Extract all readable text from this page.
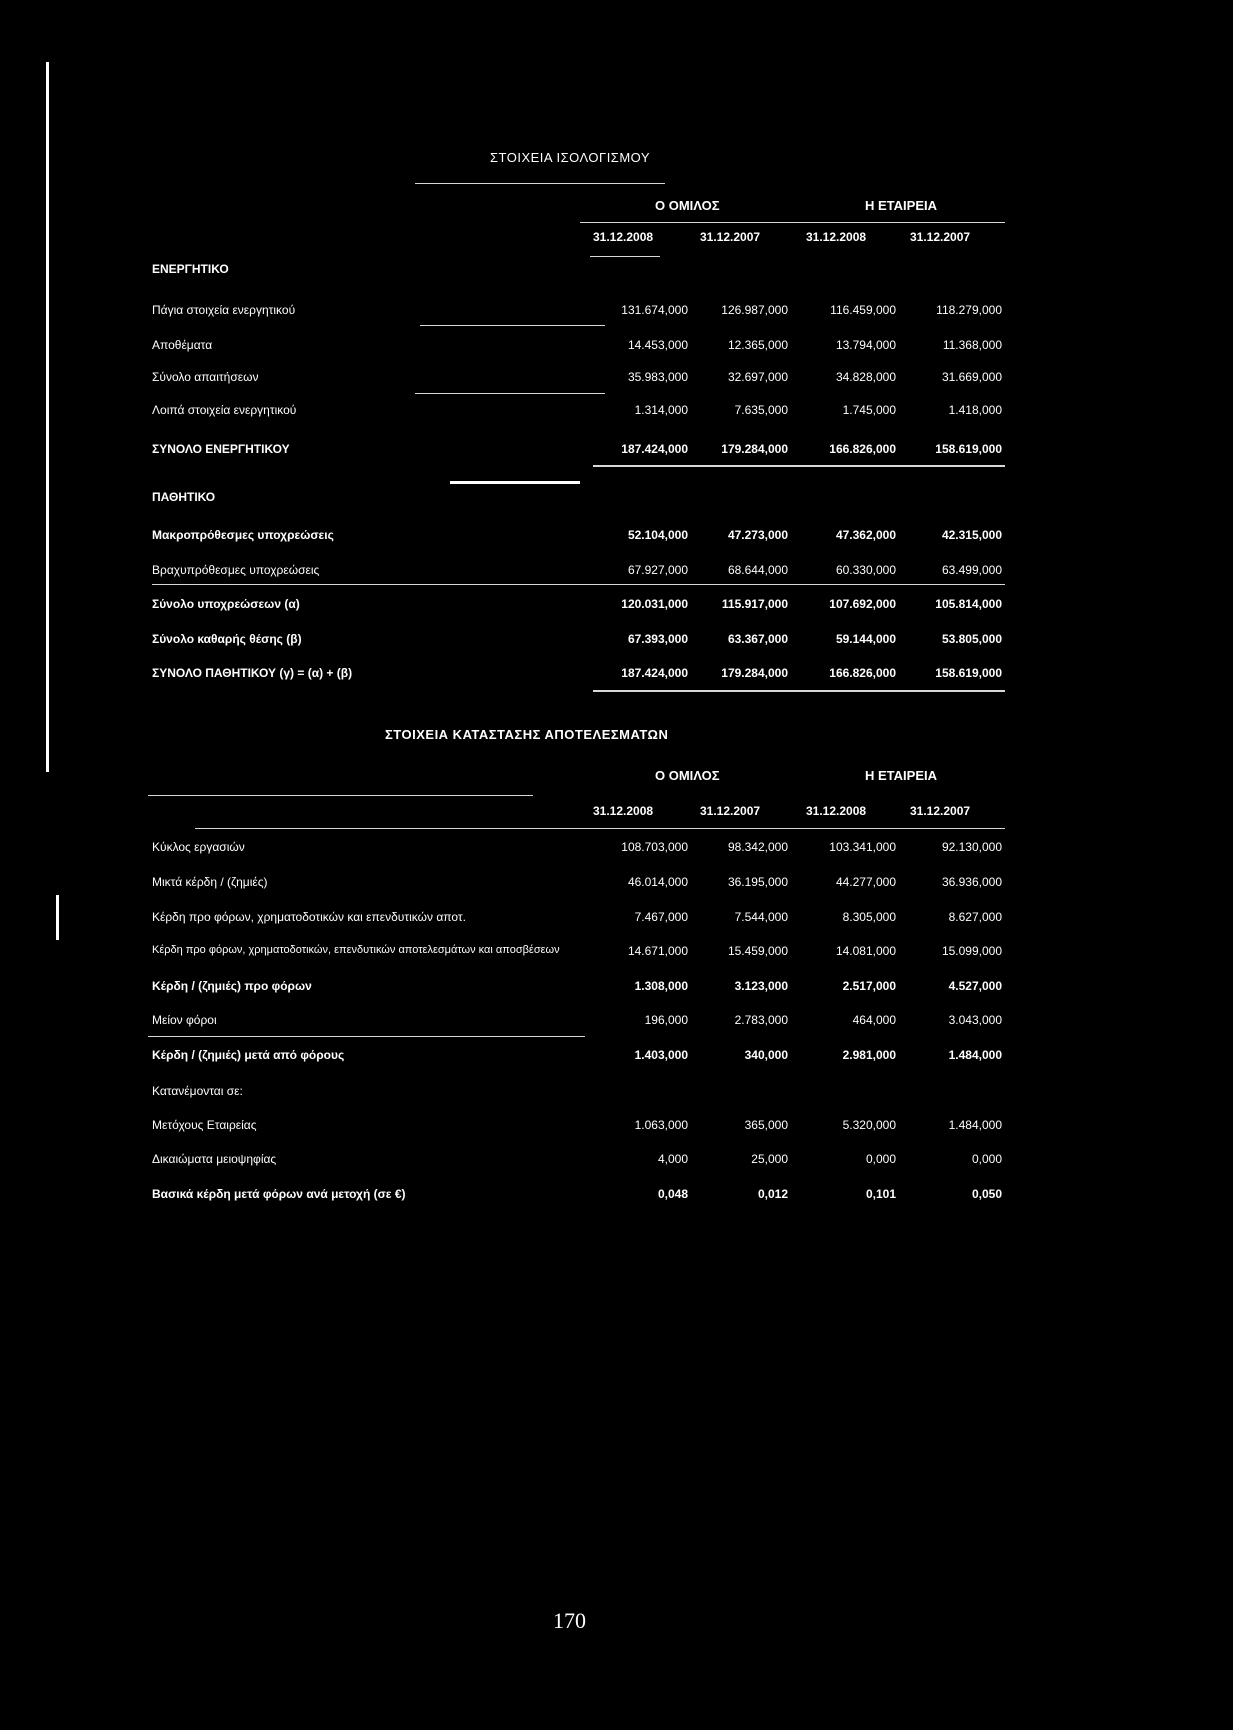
ΣΤΟΙΧΕΙΑ ΙΣΟΛΟΓΙΣΜΟΥ
Ο ΟΜΙΛΟΣ	Η ΕΤΑΙΡΕΙΑ
31.12.2008	31.12.2007	31.12.2008	31.12.2007
ΕΝΕΡΓΗΤΙΚΟ
Πάγια στοιχεία ενεργητικού	131.674,000	126.987,000	116.459,000	118.279,000
Αποθέματα	14.453,000	12.365,000	13.794,000	11.368,000
Σύνολο απαιτήσεων	35.983,000	32.697,000	34.828,000	31.669,000
Λοιπά στοιχεία ενεργητικού	1.314,000	7.635,000	1.745,000	1.418,000
ΣΥΝΟΛΟ ΕΝΕΡΓΗΤΙΚΟΥ	187.424,000	179.284,000	166.826,000	158.619,000
ΠΑΘΗΤΙΚΟ
Μακροπρόθεσμες υποχρεώσεις	52.104,000	47.273,000	47.362,000	42.315,000
Βραχυπρόθεσμες υποχρεώσεις	67.927,000	68.644,000	60.330,000	63.499,000
Σύνολο υποχρεώσεων (α)	120.031,000	115.917,000	107.692,000	105.814,000
Σύνολο καθαρής θέσης (β)	67.393,000	63.367,000	59.144,000	53.805,000
ΣΥΝΟΛΟ ΠΑΘΗΤΙΚΟΥ (γ) = (α) + (β)	187.424,000	179.284,000	166.826,000	158.619,000
ΣΤΟΙΧΕΙΑ ΚΑΤΑΣΤΑΣΗΣ ΑΠΟΤΕΛΕΣΜΑΤΩΝ
Ο ΟΜΙΛΟΣ	Η ΕΤΑΙΡΕΙΑ
31.12.2008	31.12.2007	31.12.2008	31.12.2007
Κύκλος εργασιών	108.703,000	98.342,000	103.341,000	92.130,000
Μικτά κέρδη / (ζημιές)	46.014,000	36.195,000	44.277,000	36.936,000
Κέρδη προ φόρων, χρηματοδοτικών και επενδυτικών αποτ.	7.467,000	7.544,000	8.305,000	8.627,000
Κέρδη προ φόρων, χρηματοδοτικών, επενδυτικών αποτελεσμάτων και αποσβέσεων	14.671,000	15.459,000	14.081,000	15.099,000
Κέρδη / (ζημιές) προ φόρων	1.308,000	3.123,000	2.517,000	4.527,000
Μείον φόροι	196,000	2.783,000	464,000	3.043,000
Κέρδη / (ζημιές) μετά από φόρους	1.403,000	340,000	2.981,000	1.484,000
Κατανέμονται σε:
Μετόχους Εταιρείας	1.063,000	365,000	5.320,000	1.484,000
Δικαιώματα μειοψηφίας	4,000	25,000	0,000	0,000
Βασικά κέρδη μετά φόρων ανά μετοχή (σε €)	0,048	0,012	0,101	0,050
170
